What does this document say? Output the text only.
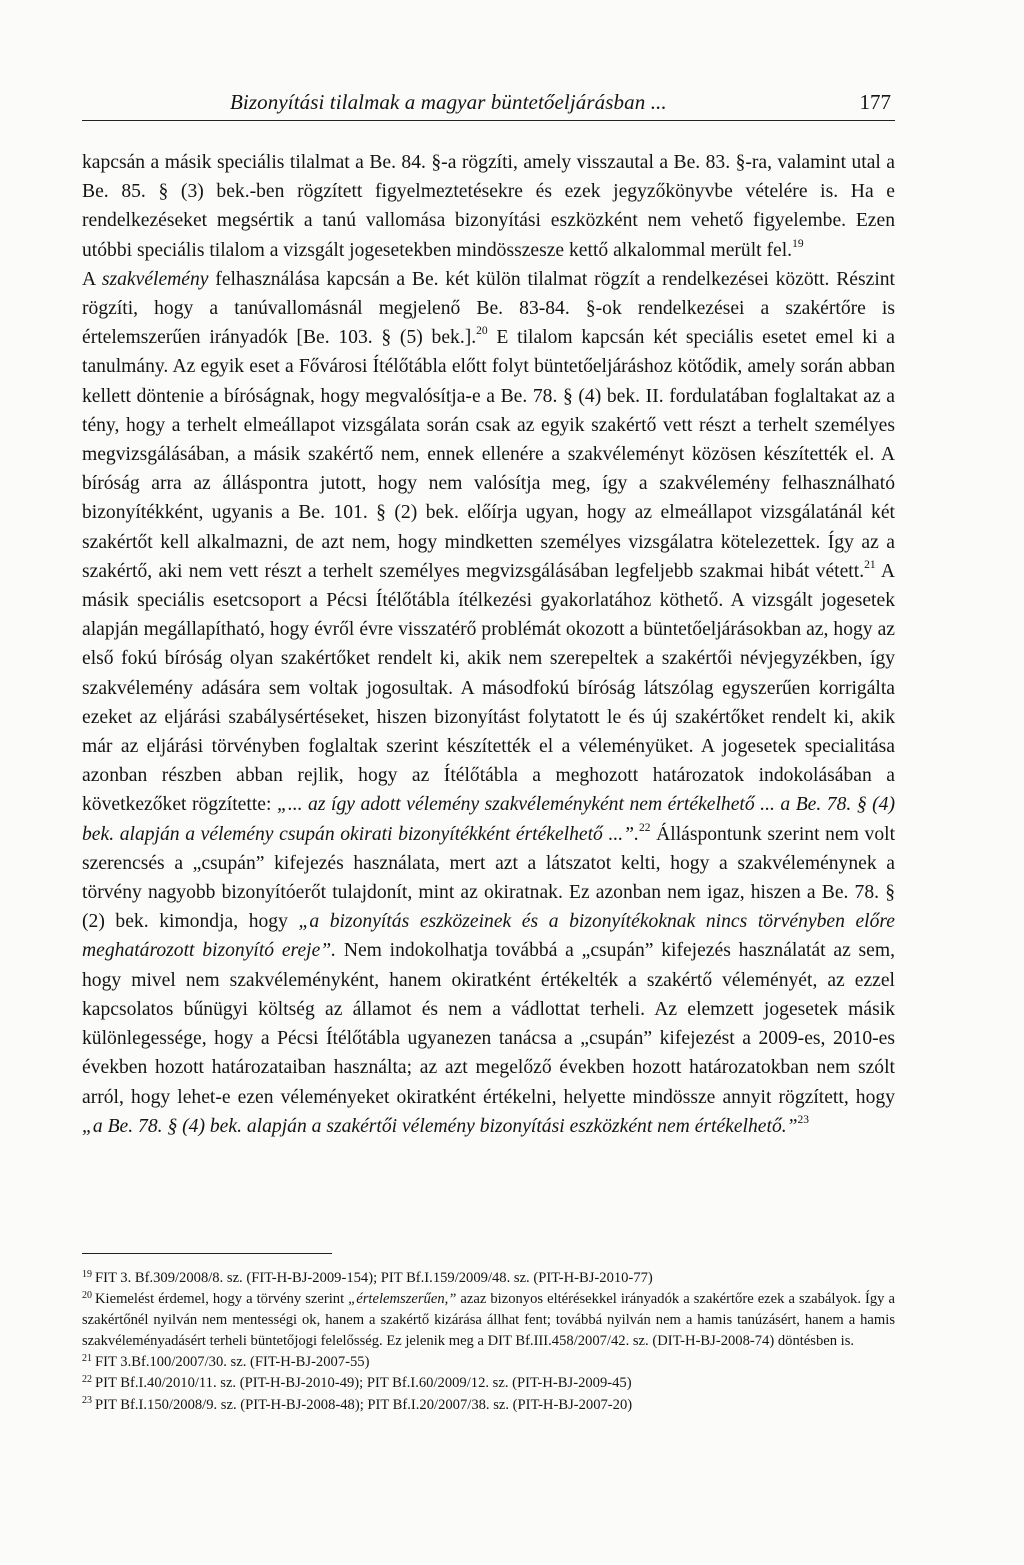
Bizonyítási tilalmak a magyar büntetőeljárásban ...	177

kapcsán a másik speciális tilalmat a Be. 84. §-a rögzíti, amely visszautal a Be. 83. §-ra, valamint utal a Be. 85. § (3) bek.-ben rögzített figyelmeztetésekre és ezek jegyzőkönyvbe vételére is. Ha e rendelkezéseket megsértik a tanú vallomása bizonyítási eszközként nem vehető figyelembe. Ezen utóbbi speciális tilalom a vizsgált jogesetekben mindösszesze kettő alkalommal merült fel.$^{19}$

A szakvélemény felhasználása kapcsán a Be. két külön tilalmat rögzít a rendelkezései között. Részint rögzíti, hogy a tanúvallomásnál megjelenő Be. 83-84. §-ok rendelkezései a szakértőre is értelemszerűen irányadók [Be. 103. § (5) bek.].$^{20}$ E tilalom kapcsán két speciális esetet emel ki a tanulmány. Az egyik eset a Fővárosi Ítélőtábla előtt folyt büntetőeljáráshoz kötődik, amely során abban kellett döntenie a bíróságnak, hogy megvalósítja-e a Be. 78. § (4) bek. II. fordulatában foglaltakat az a tény, hogy a terhelt elmeállapot vizsgálata során csak az egyik szakértő vett részt a terhelt személyes megvizsgálásában, a másik szakértő nem, ennek ellenére a szakvéleményt közösen készítették el. A bíróság arra az álláspontra jutott, hogy nem valósítja meg, így a szakvélemény felhasználható bizonyítékként, ugyanis a Be. 101. § (2) bek. előírja ugyan, hogy az elmeállapot vizsgálatánál két szakértőt kell alkalmazni, de azt nem, hogy mindketten személyes vizsgálatra kötelezettek. Így az a szakértő, aki nem vett részt a terhelt személyes megvizsgálásában legfeljebb szakmai hibát vétett.$^{21}$ A másik speciális esetcsoport a Pécsi Ítélőtábla ítélkezési gyakorlatához köthető. A vizsgált jogesetek alapján megállapítható, hogy évről évre visszatérő problémát okozott a büntetőeljárásokban az, hogy az első fokú bíróság olyan szakértőket rendelt ki, akik nem szerepeltek a szakértői névjegyzékben, így szakvélemény adására sem voltak jogosultak. A másodfokú bíróság látszólag egyszerűen korrigálta ezeket az eljárási szabálysértéseket, hiszen bizonyítást folytatott le és új szakértőket rendelt ki, akik már az eljárási törvényben foglaltak szerint készítették el a véleményüket. A jogesetek specialitása azonban részben abban rejlik, hogy az Ítélőtábla a meghozott határozatok indokolásában a következőket rögzítette: „... az így adott vélemény szakvéleményként nem értékelhető ... a Be. 78. § (4) bek. alapján a vélemény csupán okirati bizonyítékként értékelhető ...”.$^{22}$ Álláspontunk szerint nem volt szerencsés a „csupán” kifejezés használata, mert azt a látszatot kelti, hogy a szakvéleménynek a törvény nagyobb bizonyítóerőt tulajdonít, mint az okiratnak. Ez azonban nem igaz, hiszen a Be. 78. § (2) bek. kimondja, hogy „a bizonyítás eszközeinek és a bizonyítékoknak nincs törvényben előre meghatározott bizonyító ereje”. Nem indokolhatja továbbá a „csupán” kifejezés használatát az sem, hogy mivel nem szakvéleményként, hanem okiratként értékelték a szakértő véleményét, az ezzel kapcsolatos bűnügyi költség az államot és nem a vádlottat terheli. Az elemzett jogesetek másik különlegessége, hogy a Pécsi Ítélőtábla ugyanezen tanácsa a „csupán” kifejezést a 2009-es, 2010-es években hozott határozataiban használta; az azt megelőző években hozott határozatokban nem szólt arról, hogy lehet-e ezen véleményeket okiratként értékelni, helyette mindössze annyit rögzített, hogy „a Be. 78. § (4) bek. alapján a szakértői vélemény bizonyítási eszközként nem értékelhető.”$^{23}$

$^{19}$ FIT 3. Bf.309/2008/8. sz. (FIT-H-BJ-2009-154); PIT Bf.I.159/2009/48. sz. (PIT-H-BJ-2010-77)

$^{20}$ Kiemelést érdemel, hogy a törvény szerint „értelemszerűen,” azaz bizonyos eltérésekkel irányadók a szakértőre ezek a szabályok. Így a szakértőnél nyilván nem mentességi ok, hanem a szakértő kizárása állhat fent; továbbá nyilván nem a hamis tanúzásért, hanem a hamis szakvéleményadásért terheli büntetőjogi felelősség. Ez jelenik meg a DIT Bf.III.458/2007/42. sz. (DIT-H-BJ-2008-74) döntésben is.

$^{21}$ FIT 3.Bf.100/2007/30. sz. (FIT-H-BJ-2007-55)

$^{22}$ PIT Bf.I.40/2010/11. sz. (PIT-H-BJ-2010-49); PIT Bf.I.60/2009/12. sz. (PIT-H-BJ-2009-45)

$^{23}$ PIT Bf.I.150/2008/9. sz. (PIT-H-BJ-2008-48); PIT Bf.I.20/2007/38. sz. (PIT-H-BJ-2007-20)
